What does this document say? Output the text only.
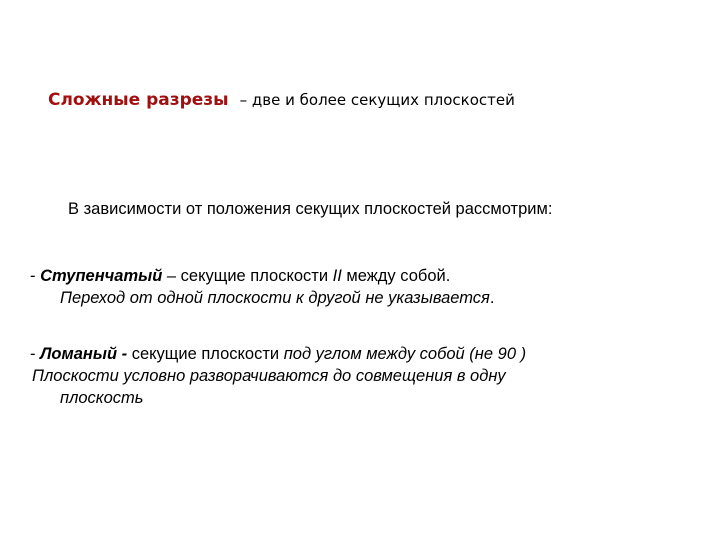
Сложные разрезы – две и более секущих плоскостей
В зависимости от положения секущих плоскостей рассмотрим:
- Ступенчатый – секущие плоскости II между собой.
Переход от одной плоскости к другой не указывается.
- Ломаный - секущие плоскости под углом между собой (не 90 )
Плоскости условно разворачиваются до совмещения в одну
плоскость
